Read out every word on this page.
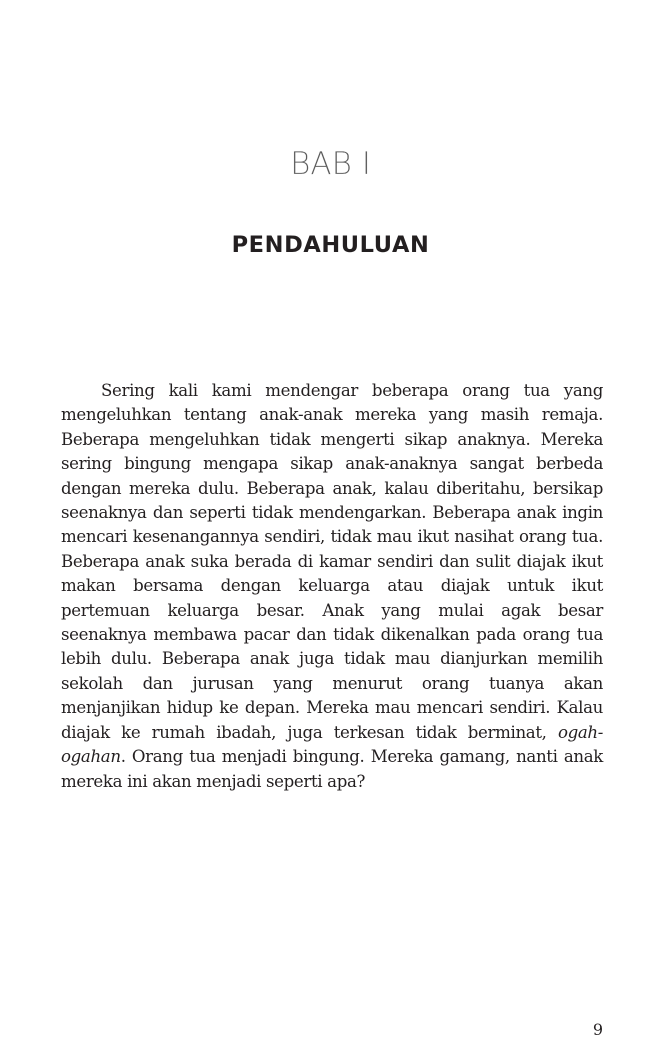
BAB I
PENDAHULUAN

Sering kali kami mendengar beberapa orang tua yang mengeluhkan tentang anak-anak mereka yang masih remaja. Beberapa mengeluhkan tidak mengerti sikap anaknya. Mereka sering bingung mengapa sikap anak-anaknya sangat berbeda dengan mereka dulu. Beberapa anak, kalau diberitahu, bersikap seenaknya dan seperti tidak mendengarkan. Beberapa anak ingin mencari kesenangannya sendiri, tidak mau ikut nasihat orang tua. Beberapa anak suka berada di kamar sendiri dan sulit diajak ikut makan bersama dengan keluarga atau diajak untuk ikut pertemuan keluarga besar. Anak yang mulai agak besar seenaknya membawa pacar dan tidak dikenalkan pada orang tua lebih dulu. Beberapa anak juga tidak mau dianjurkan memilih sekolah dan jurusan yang menurut orang tuanya akan menjanjikan hidup ke depan. Mereka mau mencari sendiri. Kalau diajak ke rumah ibadah, juga terkesan tidak berminat, ogah-ogahan. Orang tua menjadi bingung. Mereka gamang, nanti anak mereka ini akan menjadi seperti apa?

9
